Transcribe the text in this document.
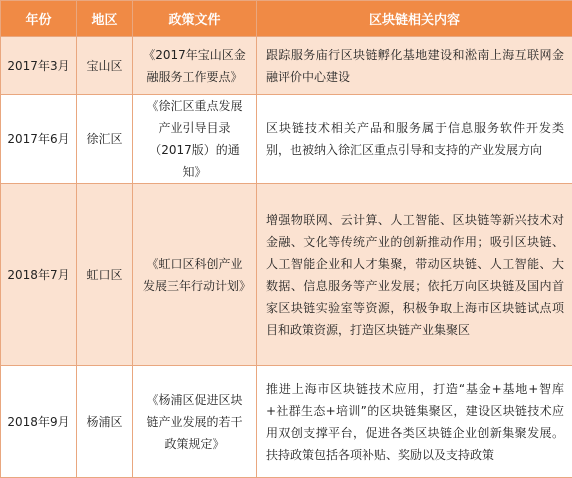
年份	地区	政策文件	区块链相关内容
2017年3月	宝山区	《2017年宝山区金融服务工作要点》	跟踪服务庙行区块链孵化基地建设和淞南上海互联网金融评价中心建设
2017年6月	徐汇区	《徐汇区重点发展产业引导目录（2017版）的通知》	区块链技术相关产品和服务属于信息服务软件开发类别，也被纳入徐汇区重点引导和支持的产业发展方向
2018年7月	虹口区	《虹口区科创产业发展三年行动计划》	增强物联网、云计算、人工智能、区块链等新兴技术对金融、文化等传统产业的创新推动作用；吸引区块链、人工智能企业和人才集聚，带动区块链、人工智能、大数据、信息服务等产业发展；依托万向区块链及国内首家区块链实验室等资源，积极争取上海市区块链试点项目和政策资源，打造区块链产业集聚区
2018年9月	杨浦区	《杨浦区促进区块链产业发展的若干政策规定》	推进上海市区块链技术应用，打造“基金+基地+智库+社群生态+培训”的区块链集聚区，建设区块链技术应用双创支撑平台，促进各类区块链企业创新集聚发展。扶持政策包括各项补贴、奖励以及支持政策
